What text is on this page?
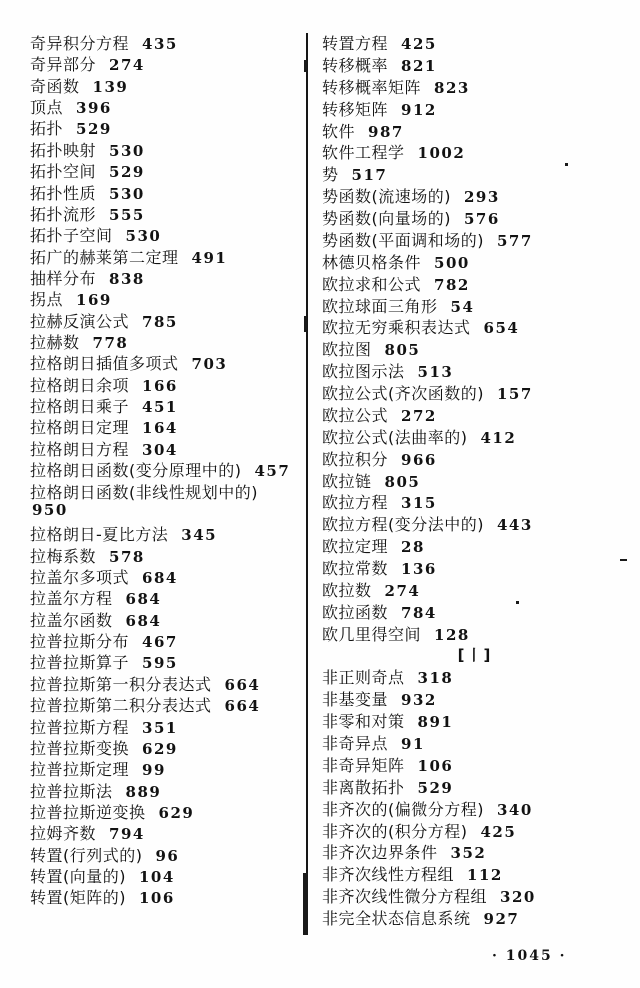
奇异积分方程 435
奇异部分 274
奇函数 139
顶点 396
拓扑 529
拓扑映射 530
拓扑空间 529
拓扑性质 530
拓扑流形 555
拓扑子空间 530
拓广的赫莱第二定理 491
抽样分布 838
拐点 169
拉赫反演公式 785
拉赫数 778
拉格朗日插值多项式 703
拉格朗日余项 166
拉格朗日乘子 451
拉格朗日定理 164
拉格朗日方程 304
拉格朗日函数(变分原理中的) 457
拉格朗日函数(非线性规划中的)
950
拉格朗日-夏比方法 345
拉梅系数 578
拉盖尔多项式 684
拉盖尔方程 684
拉盖尔函数 684
拉普拉斯分布 467
拉普拉斯算子 595
拉普拉斯第一积分表达式 664
拉普拉斯第二积分表达式 664
拉普拉斯方程 351
拉普拉斯变换 629
拉普拉斯定理 99
拉普拉斯法 889
拉普拉斯逆变换 629
拉姆齐数 794
转置(行列式的) 96
转置(向量的) 104
转置(矩阵的) 106
转置方程 425
转移概率 821
转移概率矩阵 823
转移矩阵 912
软件 987
软件工程学 1002
势 517
势函数(流速场的) 293
势函数(向量场的) 576
势函数(平面调和场的) 577
林德贝格条件 500
欧拉求和公式 782
欧拉球面三角形 54
欧拉无穷乘积表达式 654
欧拉图 805
欧拉图示法 513
欧拉公式(齐次函数的) 157
欧拉公式 272
欧拉公式(法曲率的) 412
欧拉积分 966
欧拉链 805
欧拉方程 315
欧拉方程(变分法中的) 443
欧拉定理 28
欧拉常数 136
欧拉数 274
欧拉函数 784
欧几里得空间 128
[丨]
非正则奇点 318
非基变量 932
非零和对策 891
非奇异点 91
非奇异矩阵 106
非离散拓扑 529
非齐次的(偏微分方程) 340
非齐次的(积分方程) 425
非齐次边界条件 352
非齐次线性方程组 112
非齐次线性微分方程组 320
非完全状态信息系统 927
· 1045 ·
